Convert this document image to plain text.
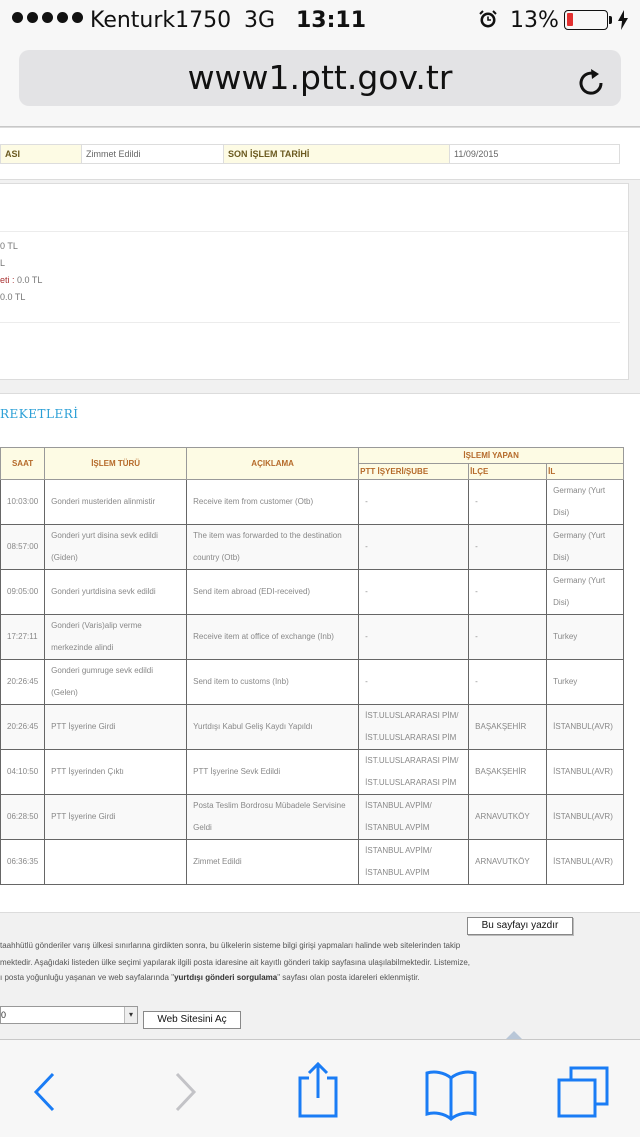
Kenturk1750 3G 13:11	13%
www1.ptt.gov.tr
ASI	Zimmet Edildi	SON İŞLEM TARİHİ	11/09/2015
0 TL
L
eti : 0.0 TL
0.0 TL
REKETLERİ
SAAT	İŞLEM TÜRÜ	AÇIKLAMA	İŞLEMİ YAPAN		
			PTT İŞYERİ/ŞUBE	İLÇE	İL
10:03:00	Gonderi musteriden alinmistir	Receive item from customer (Otb)	-	-	Germany (Yurt Disi)
08:57:00	Gonderi yurt disina sevk edildi (Giden)	The item was forwarded to the destination country (Otb)	-	-	Germany (Yurt Disi)
09:05:00	Gonderi yurtdisina sevk edildi	Send item abroad (EDI-received)	-	-	Germany (Yurt Disi)
17:27:11	Gonderi (Varis)alip verme merkezinde alindi	Receive item at office of exchange (Inb)	-	-	Turkey
20:26:45	Gonderi gumruge sevk edildi (Gelen)	Send item to customs (Inb)	-	-	Turkey
20:26:45	PTT İşyerine Girdi	Yurtdışı Kabul Geliş Kaydı Yapıldı	İST.ULUSLARARASI PİM/ İST.ULUSLARARASI PİM	BAŞAKŞEHİR	İSTANBUL(AVR)
04:10:50	PTT İşyerinden Çıktı	PTT İşyerine Sevk Edildi	İST.ULUSLARARASI PİM/ İST.ULUSLARARASI PİM	BAŞAKŞEHİR	İSTANBUL(AVR)
06:28:50	PTT İşyerine Girdi	Posta Teslim Bordrosu Mübadele Servisine Geldi	İSTANBUL AVPİM/ İSTANBUL AVPİM	ARNAVUTKÖY	İSTANBUL(AVR)
06:36:35		Zimmet Edildi	İSTANBUL AVPİM/ İSTANBUL AVPİM	ARNAVUTKÖY	İSTANBUL(AVR)
Bu sayfayı yazdır
taahhütlü gönderiler varış ülkesi sınırlarına girdikten sonra, bu ülkelerin sisteme bilgi girişi yapmaları halinde web sitelerinden takip
mektedir. Aşağıdaki listeden ülke seçimi yapılarak ilgili posta idaresine ait kayıtlı gönderi takip sayfasına ulaşılabilmektedir. Listemize,
ı posta yoğunluğu yaşanan ve web sayfalarında "yurtdışı gönderi sorgulama" sayfası olan posta idareleri eklenmiştir.
0	▾	Web Sitesini Aç
